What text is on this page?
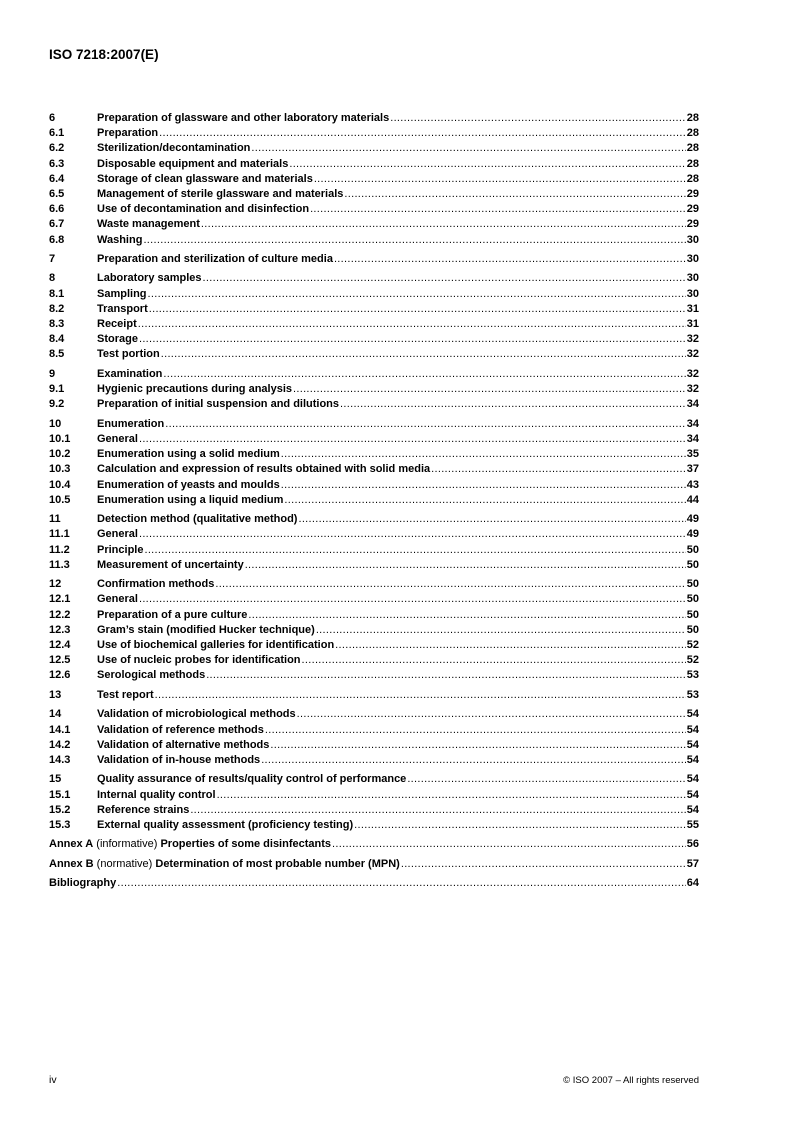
ISO 7218:2007(E)
6	Preparation of glassware and other laboratory materials .....	28
6.1	Preparation .....	28
6.2	Sterilization/decontamination .....	28
6.3	Disposable equipment and materials .....	28
6.4	Storage of clean glassware and materials .....	28
6.5	Management of sterile glassware and materials .....	29
6.6	Use of decontamination and disinfection .....	29
6.7	Waste management .....	29
6.8	Washing .....	30
7	Preparation and sterilization of culture media .....	30
8	Laboratory samples .....	30
8.1	Sampling .....	30
8.2	Transport .....	31
8.3	Receipt .....	31
8.4	Storage .....	32
8.5	Test portion .....	32
9	Examination .....	32
9.1	Hygienic precautions during analysis .....	32
9.2	Preparation of initial suspension and dilutions .....	34
10	Enumeration .....	34
10.1	General .....	34
10.2	Enumeration using a solid medium .....	35
10.3	Calculation and expression of results obtained with solid media .....	37
10.4	Enumeration of yeasts and moulds .....	43
10.5	Enumeration using a liquid medium .....	44
11	Detection method (qualitative method) .....	49
11.1	General .....	49
11.2	Principle .....	50
11.3	Measurement of uncertainty .....	50
12	Confirmation methods .....	50
12.1	General .....	50
12.2	Preparation of a pure culture .....	50
12.3	Gram’s stain (modified Hucker technique) .....	50
12.4	Use of biochemical galleries for identification .....	52
12.5	Use of nucleic probes for identification .....	52
12.6	Serological methods .....	53
13	Test report .....	53
14	Validation of microbiological methods .....	54
14.1	Validation of reference methods .....	54
14.2	Validation of alternative methods .....	54
14.3	Validation of in-house methods .....	54
15	Quality assurance of results/quality control of performance .....	54
15.1	Internal quality control .....	54
15.2	Reference strains .....	54
15.3	External quality assessment (proficiency testing) .....	55
Annex A (informative) Properties of some disinfectants .....	56
Annex B (normative) Determination of most probable number (MPN) .....	57
Bibliography .....	64
iv	© ISO 2007 – All rights reserved
